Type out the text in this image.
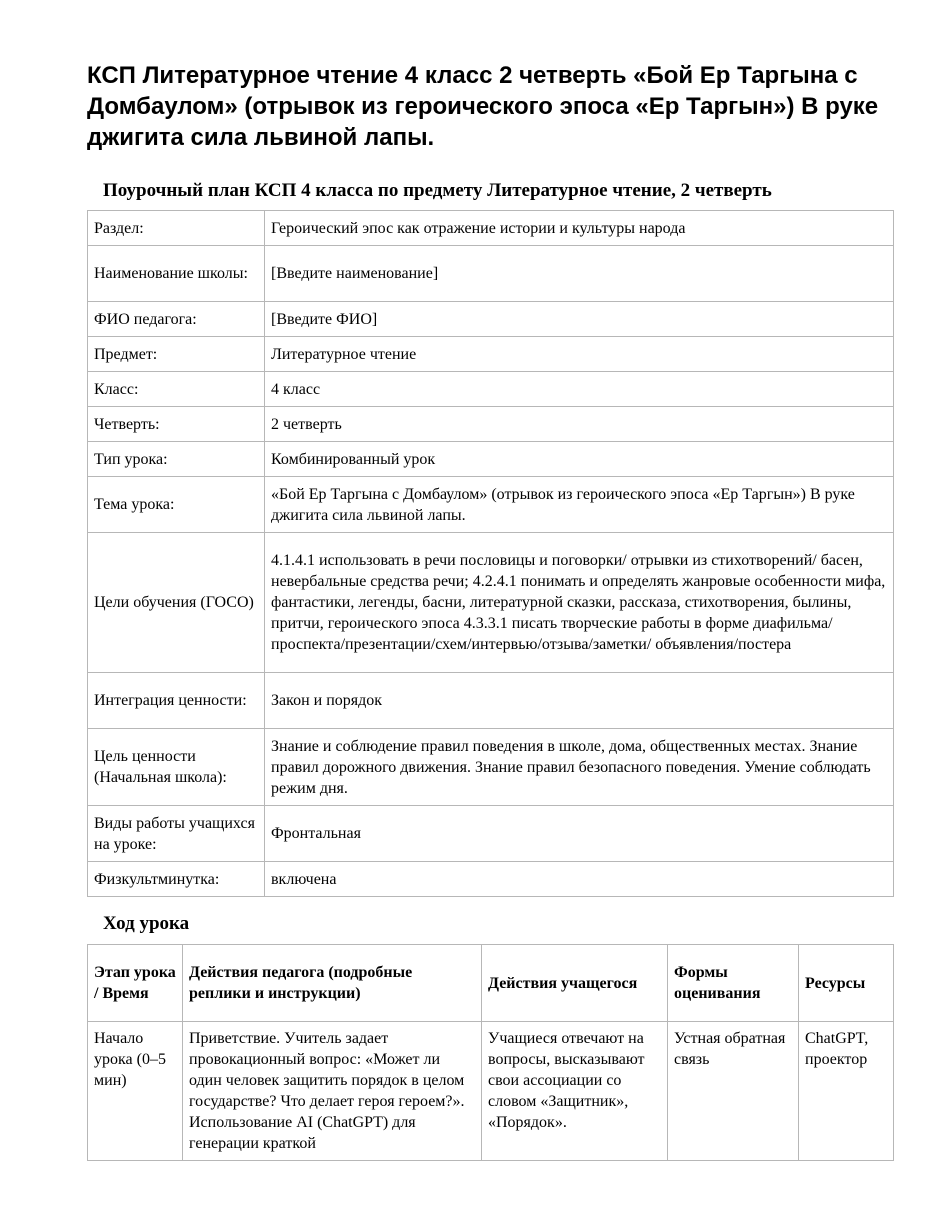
КСП Литературное чтение 4 класс 2 четверть «Бой Ер Таргына с Домбаулом» (отрывок из героического эпоса «Ер Таргын») В руке джигита сила львиной лапы.
Поурочный план КСП 4 класса по предмету Литературное чтение, 2 четверть
Раздел:	Героический эпос как отражение истории и культуры народа
Наименование школы:	[Введите наименование]
ФИО педагога:	[Введите ФИО]
Предмет:	Литературное чтение
Класс:	4 класс
Четверть:	2 четверть
Тип урока:	Комбинированный урок
Тема урока:	«Бой Ер Таргына с Домбаулом» (отрывок из героического эпоса «Ер Таргын») В руке джигита сила львиной лапы.
Цели обучения (ГОСО)	4.1.4.1 использовать в речи пословицы и поговорки/ отрывки из стихотворений/ басен, невербальные средства речи; 4.2.4.1 понимать и определять жанровые особенности мифа, фантастики, легенды, басни, литературной сказки, рассказа, стихотворения, былины, притчи, героического эпоса 4.3.3.1 писать творческие работы в форме диафильма/ проспекта/презентации/схем/интервью/отзыва/заметки/ объявления/постера
Интеграция ценности:	Закон и порядок
Цель ценности (Начальная школа):	Знание и соблюдение правил поведения в школе, дома, общественных местах. Знание правил дорожного движения. Знание правил безопасного поведения. Умение соблюдать режим дня.
Виды работы учащихся на уроке:	Фронтальная
Физкультминутка:	включена
Ход урока
Этап урока / Время	Действия педагога (подробные реплики и инструкции)	Действия учащегося	Формы оценивания	Ресурсы
Начало урока (0–5 мин)	Приветствие. Учитель задает провокационный вопрос: «Может ли один человек защитить порядок в целом государстве? Что делает героя героем?». Использование AI (ChatGPT) для генерации краткой	Учащиеся отвечают на вопросы, высказывают свои ассоциации со словом «Защитник», «Порядок».	Устная обратная связь	ChatGPT, проектор
